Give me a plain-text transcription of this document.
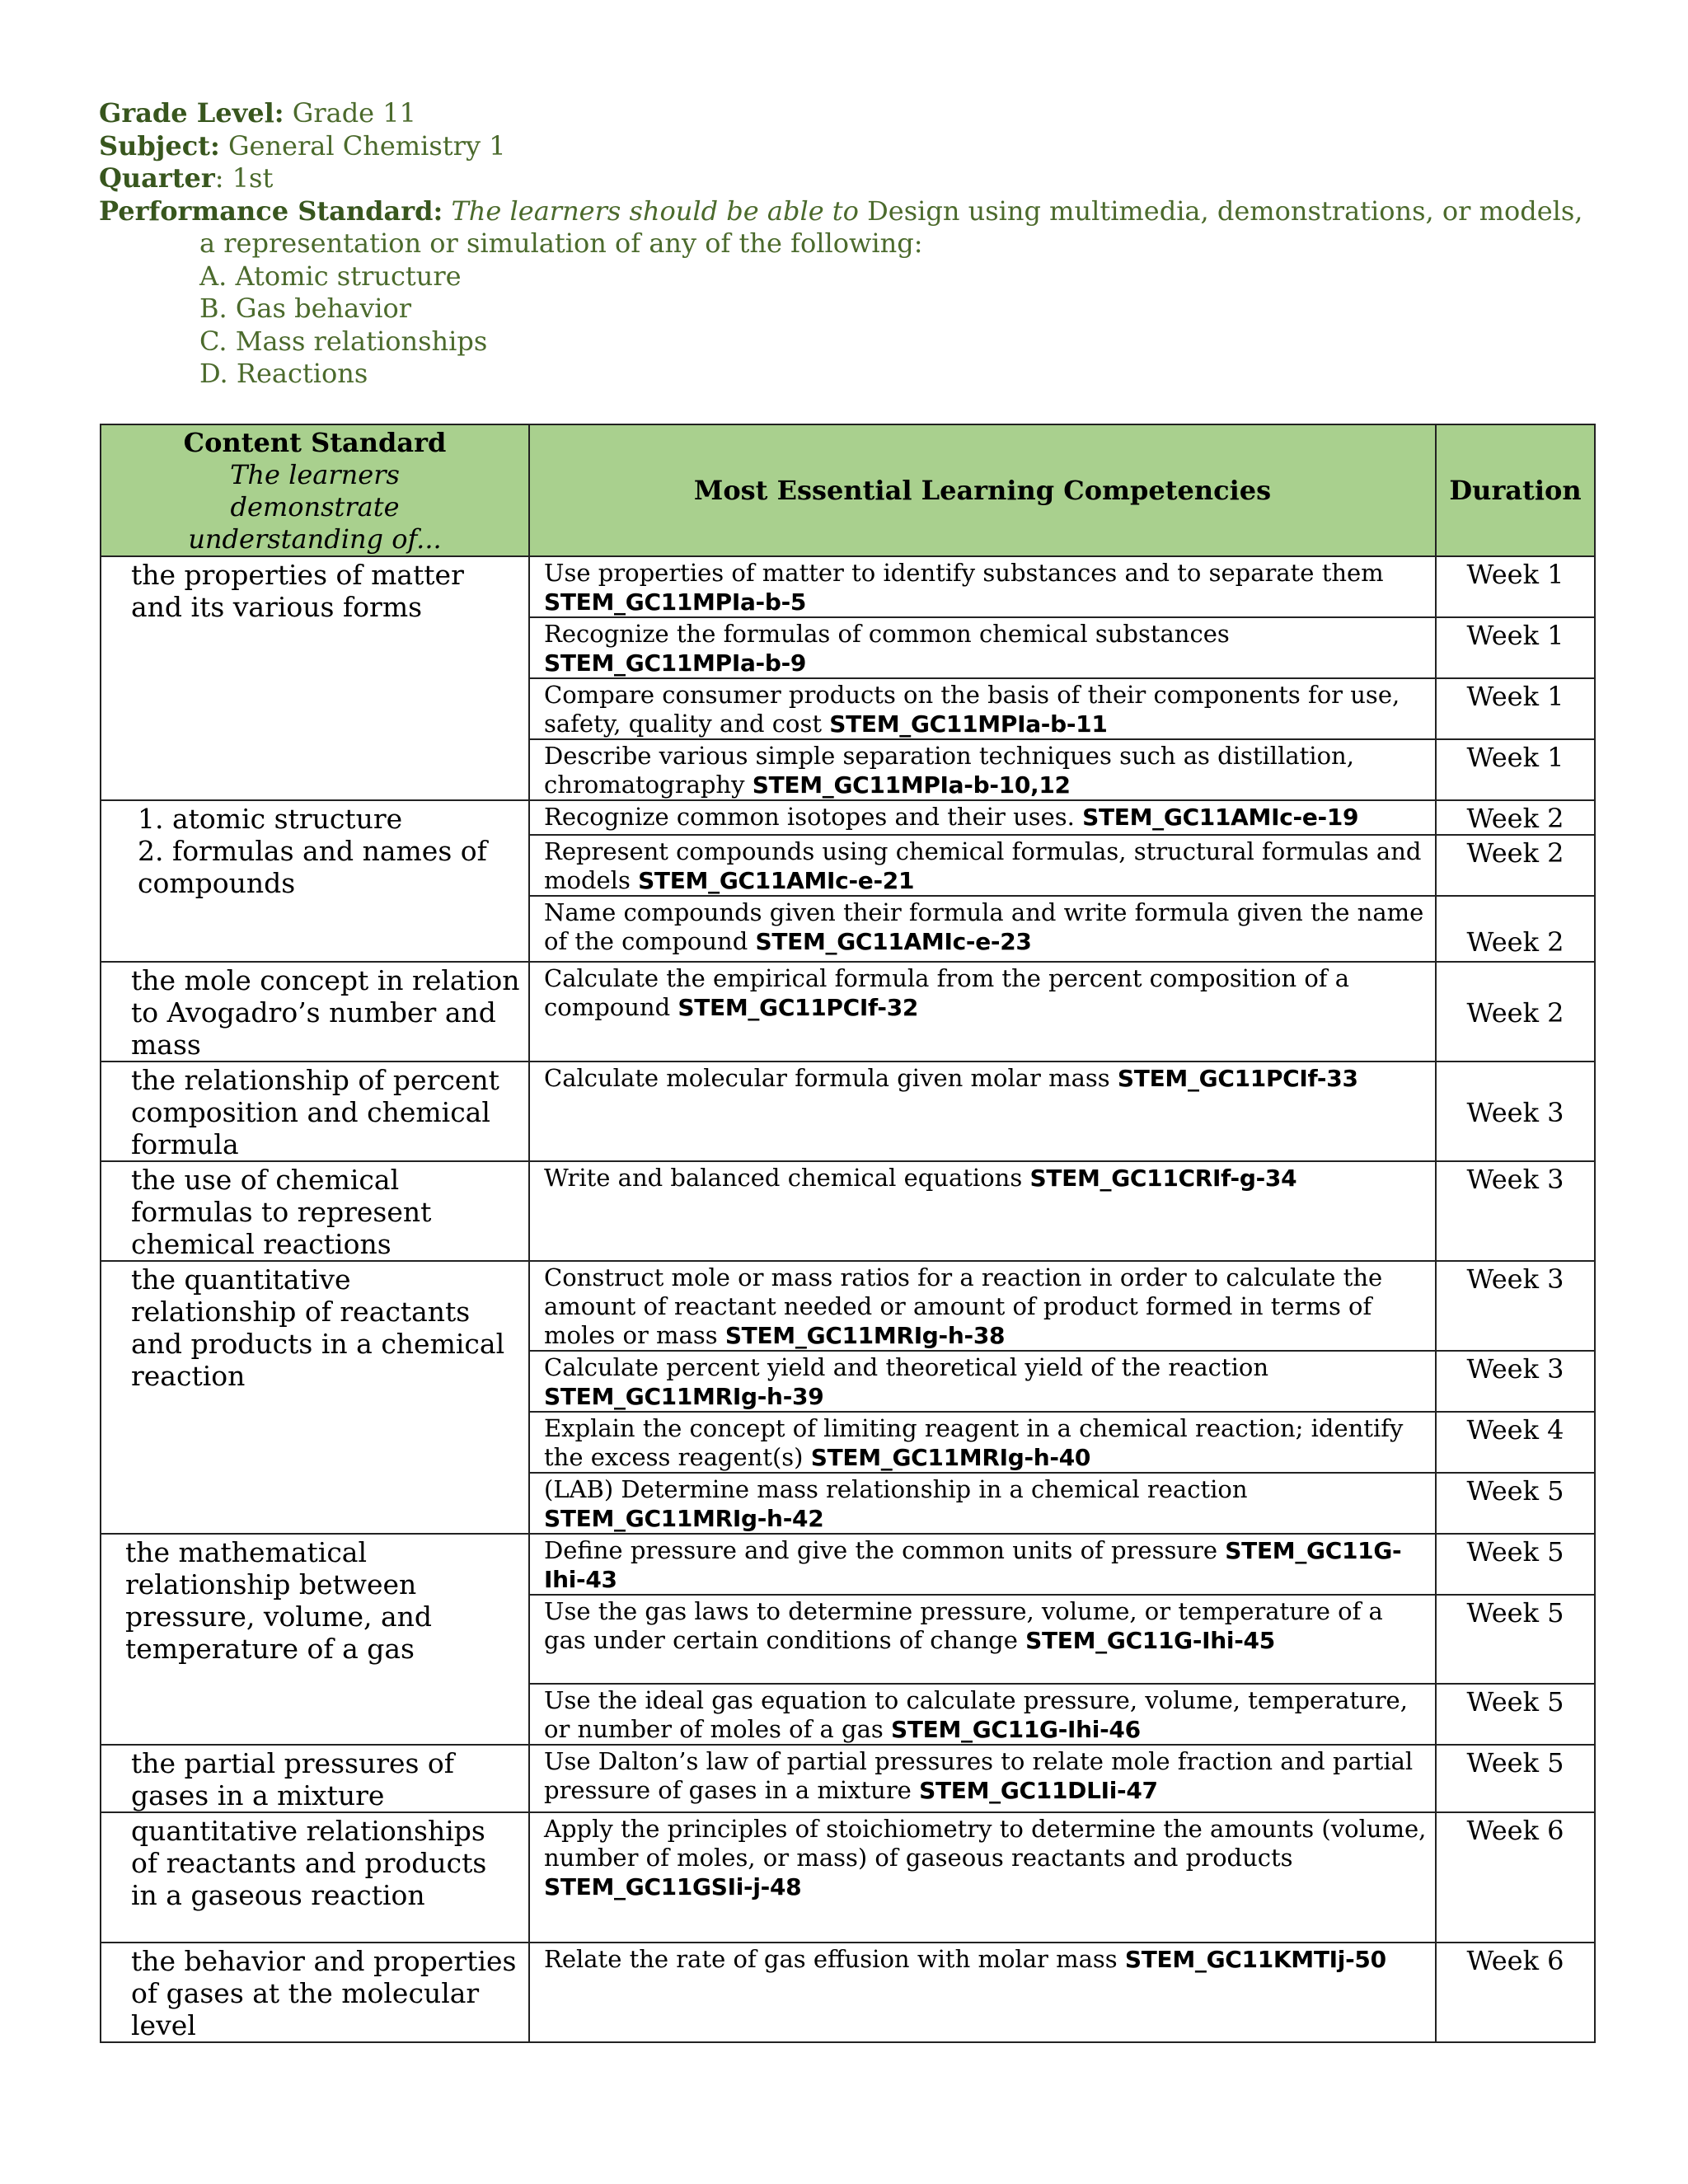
Grade Level: Grade 11
Subject: General Chemistry 1
Quarter: 1st
Performance Standard: The learners should be able to Design using multimedia, demonstrations, or models,
a representation or simulation of any of the following:
A. Atomic structure
B. Gas behavior
C. Mass relationships
D. Reactions
Content Standard
The learners
demonstrate
understanding of...	Most Essential Learning Competencies	Duration
the properties of matter and its various forms	Use properties of matter to identify substances and to separate them STEM_GC11MPIa-b-5	Week 1
	Recognize the formulas of common chemical substances STEM_GC11MPIa-b-9	Week 1
	Compare consumer products on the basis of their components for use, safety, quality and cost STEM_GC11MPIa-b-11	Week 1
	Describe various simple separation techniques such as distillation, chromatography STEM_GC11MPIa-b-10,12	Week 1

1. atomic structure
2. formulas and names of compounds	Recognize common isotopes and their uses. STEM_GC11AMIc-e-19	Week 2
	Represent compounds using chemical formulas, structural formulas and models STEM_GC11AMIc-e-21	Week 2
	Name compounds given their formula and write formula given the name of the compound STEM_GC11AMIc-e-23	Week 2
the mole concept in relation to Avogadro’s number and mass	Calculate the empirical formula from the percent composition of a compound STEM_GC11PCIf-32	Week 2
the relationship of percent composition and chemical formula	Calculate molecular formula given molar mass STEM_GC11PCIf-33	Week 3
the use of chemical formulas to represent chemical reactions	Write and balanced chemical equations STEM_GC11CRIf-g-34	Week 3
the quantitative relationship of reactants and products in a chemical reaction	Construct mole or mass ratios for a reaction in order to calculate the amount of reactant needed or amount of product formed in terms of moles or mass STEM_GC11MRIg-h-38	Week 3
	Calculate percent yield and theoretical yield of the reaction STEM_GC11MRIg-h-39	Week 3
	Explain the concept of limiting reagent in a chemical reaction; identify the excess reagent(s) STEM_GC11MRIg-h-40	Week 4
	(LAB) Determine mass relationship in a chemical reaction STEM_GC11MRIg-h-42	Week 5
the mathematical relationship between pressure, volume, and temperature of a gas	Define pressure and give the common units of pressure STEM_GC11G-Ihi-43	Week 5
	Use the gas laws to determine pressure, volume, or temperature of a gas under certain conditions of change STEM_GC11G-Ihi-45	Week 5
	Use the ideal gas equation to calculate pressure, volume, temperature, or number of moles of a gas STEM_GC11G-Ihi-46	Week 5
the partial pressures of gases in a mixture	Use Dalton’s law of partial pressures to relate mole fraction and partial pressure of gases in a mixture STEM_GC11DLIi-47	Week 5
quantitative relationships of reactants and products in a gaseous reaction	Apply the principles of stoichiometry to determine the amounts (volume, number of moles, or mass) of gaseous reactants and products STEM_GC11GSIi-j-48	Week 6
the behavior and properties of gases at the molecular level	Relate the rate of gas effusion with molar mass STEM_GC11KMTIj-50	Week 6
